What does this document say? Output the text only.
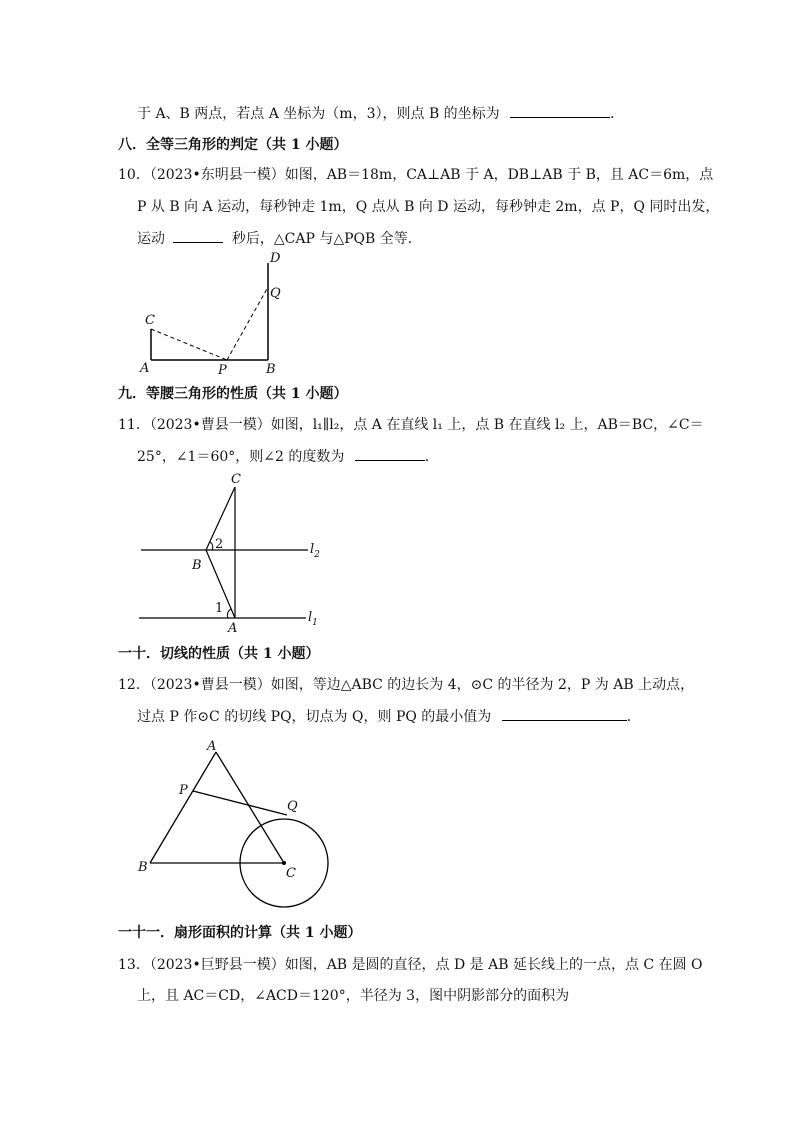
于 A、B 两点，若点 A 坐标为（m，3），则点 B 的坐标为	．
八．全等三角形的判定（共 1 小题）
10．（2023•东明县一模）如图，AB＝18m，CA⊥AB 于 A，DB⊥AB 于 B，且 AC＝6m，点
P 从 B 向 A 运动，每秒钟走 1m，Q 点从 B 向 D 运动，每秒钟走 2m，点 P，Q 同时出发，
运动	秒后，△CAP 与△PQB 全等．
D
Q
C
A	P	B
C
B
A
1
2	$l_2$
$l_1$
A
P
Q
B	C
九．等腰三角形的性质（共 1 小题）
11．（2023•曹县一模）如图，l₁∥l₂，点 A 在直线 l₁ 上，点 B 在直线 l₂ 上，AB＝BC，∠C＝
25°，∠1＝60°，则∠2 的度数为	．
一十．切线的性质（共 1 小题）
12．（2023•曹县一模）如图，等边△ABC 的边长为 4，⊙C 的半径为 2，P 为 AB 上动点，
过点 P 作⊙C 的切线 PQ，切点为 Q，则 PQ 的最小值为	．
一十一．扇形面积的计算（共 1 小题）
13．（2023•巨野县一模）如图，AB 是圆的直径，点 D 是 AB 延长线上的一点，点 C 在圆 O
上，且 AC＝CD，∠ACD＝120°，半径为 3，图中阴影部分的面积为
